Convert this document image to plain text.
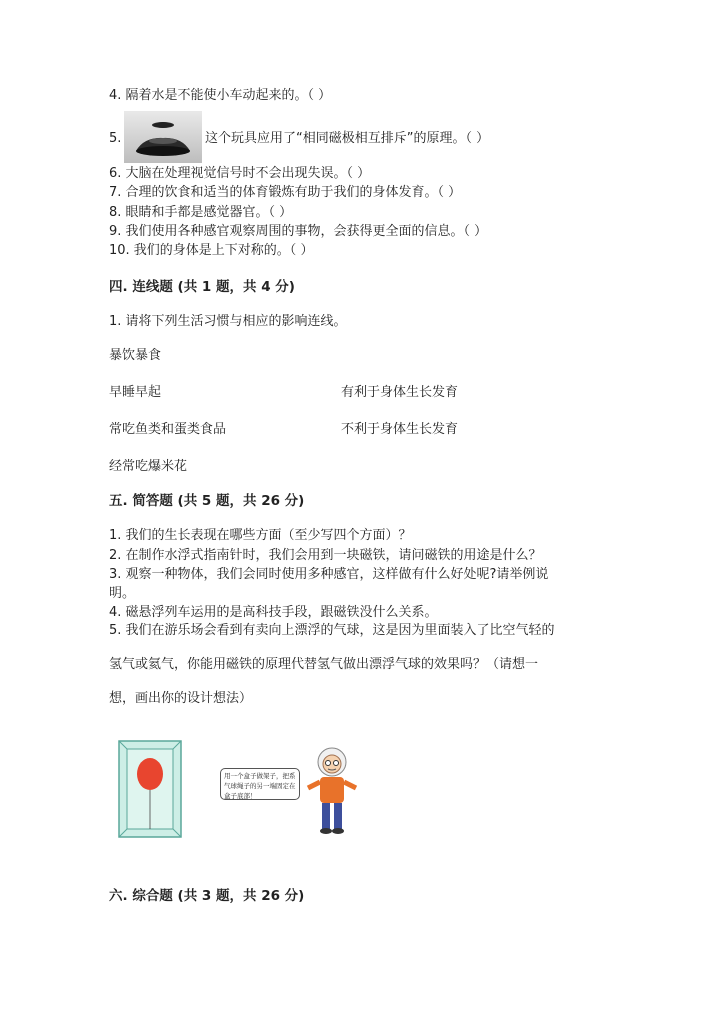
4. 隔着水是不能使小车动起来的。（ ）
5.	这个玩具应用了“相同磁极相互排斥”的原理。（ ）
6. 大脑在处理视觉信号时不会出现失误。（ ）
7. 合理的饮食和适当的体育锻炼有助于我们的身体发育。（ ）
8. 眼睛和手都是感觉器官。（ ）
9. 我们使用各种感官观察周围的事物，会获得更全面的信息。（ ）
10. 我们的身体是上下对称的。（ ）
四. 连线题 (共 1 题，共 4 分)
1. 请将下列生活习惯与相应的影响连线。
暴饮暴食
早睡早起	有利于身体生长发育
常吃鱼类和蛋类食品	不利于身体生长发育
经常吃爆米花
五. 简答题 (共 5 题，共 26 分)
1. 我们的生长表现在哪些方面（至少写四个方面）？
2. 在制作水浮式指南针时，我们会用到一块磁铁，请问磁铁的用途是什么？
3. 观察一种物体，我们会同时使用多种感官，这样做有什么好处呢?请举例说
明。
4. 磁悬浮列车运用的是高科技手段，跟磁铁没什么关系。
5. 我们在游乐场会看到有卖向上漂浮的气球，这是因为里面装入了比空气轻的
氢气或氦气，你能用磁铁的原理代替氢气做出漂浮气球的效果吗？（请想一
想，画出你的设计想法）
用一个盒子做架子，把系气球绳子的另一端固定在盒子底部！
六. 综合题 (共 3 题，共 26 分)
